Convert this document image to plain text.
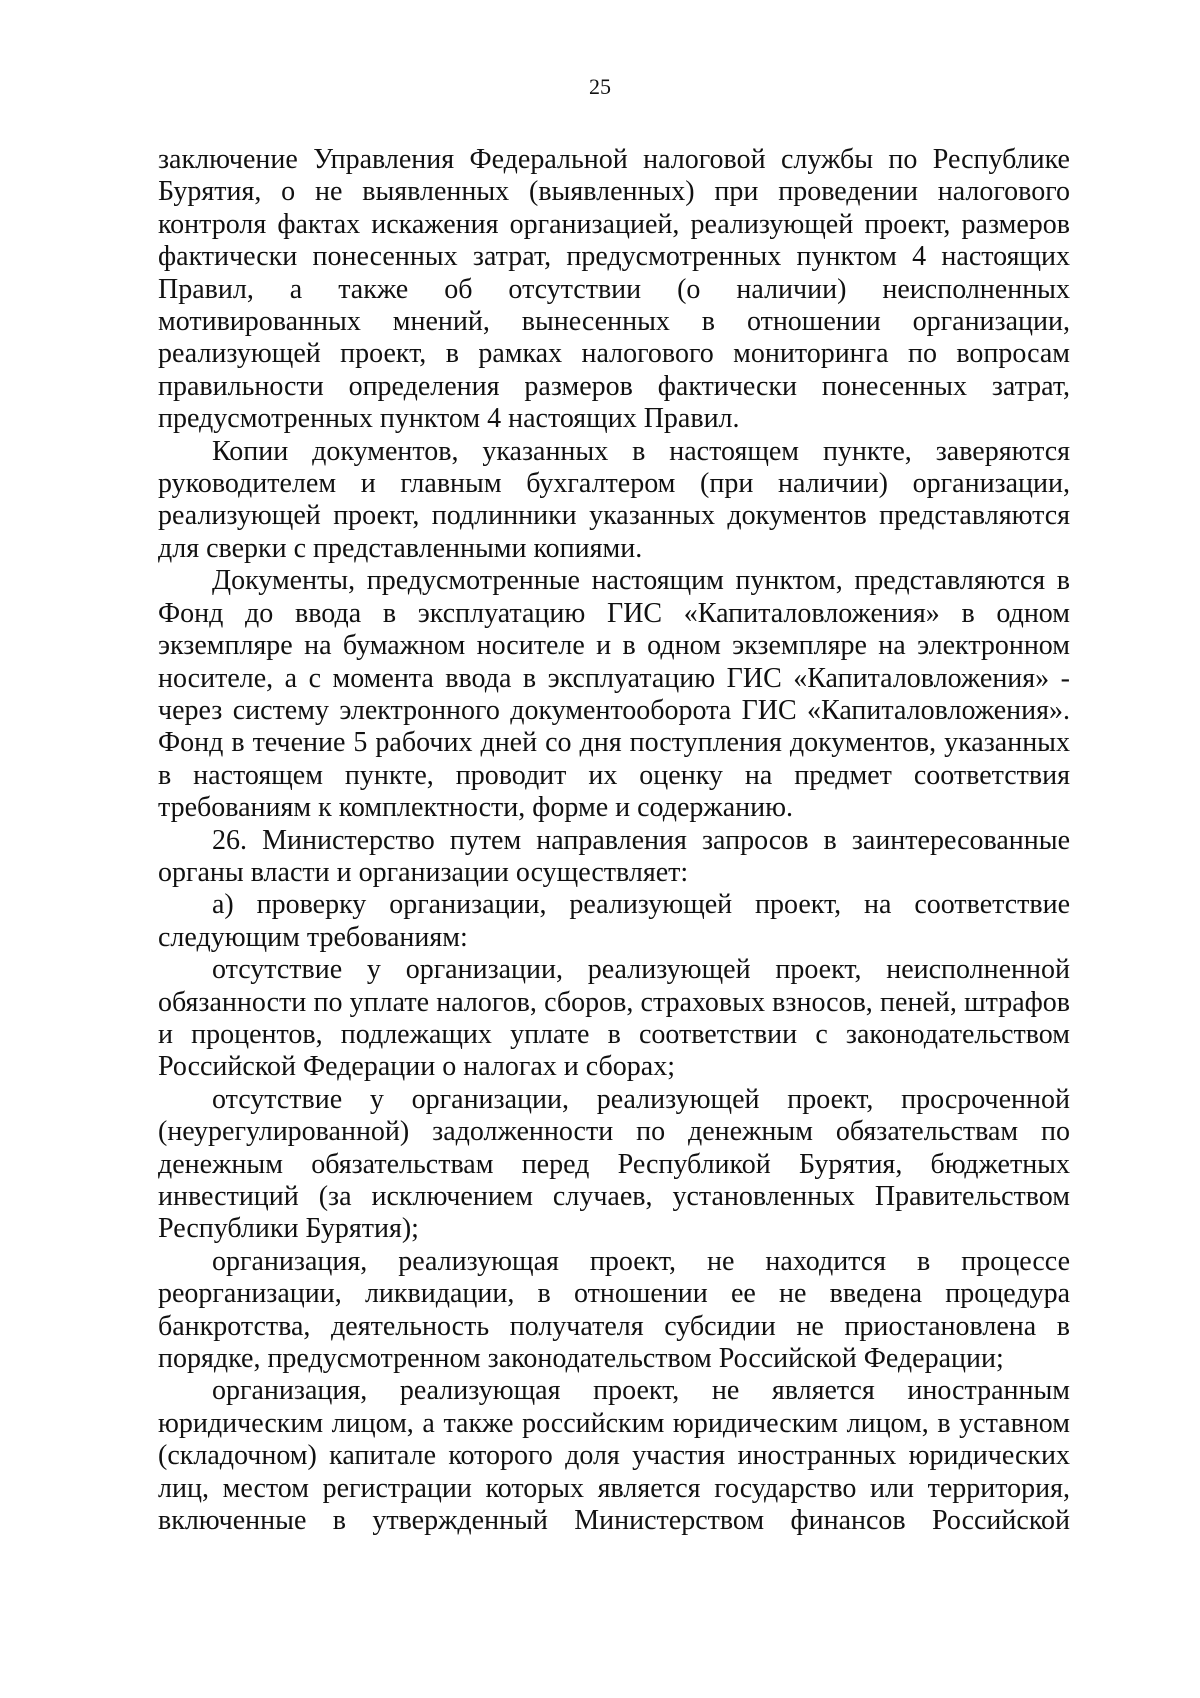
25

заключение Управления Федеральной налоговой службы по Республике Бурятия, о не выявленных (выявленных) при проведении налогового контроля фактах искажения организацией, реализующей проект, размеров фактически понесенных затрат, предусмотренных пунктом 4 настоящих Правил, а также об отсутствии (о наличии) неисполненных мотивированных мнений, вынесенных в отношении организации, реализующей проект, в рамках налогового мониторинга по вопросам правильности определения размеров фактически понесенных затрат, предусмотренных пунктом 4 настоящих Правил.

Копии документов, указанных в настоящем пункте, заверяются руководителем и главным бухгалтером (при наличии) организации, реализующей проект, подлинники указанных документов представляются для сверки с представленными копиями.

Документы, предусмотренные настоящим пунктом, представляются в Фонд до ввода в эксплуатацию ГИС «Капиталовложения» в одном экземпляре на бумажном носителе и в одном экземпляре на электронном носителе, а с момента ввода в эксплуатацию ГИС «Капиталовложения» - через систему электронного документооборота ГИС «Капиталовложения». Фонд в течение 5 рабочих дней со дня поступления документов, указанных в настоящем пункте, проводит их оценку на предмет соответствия требованиям к комплектности, форме и содержанию.

26. Министерство путем направления запросов в заинтересованные органы власти и организации осуществляет:

а) проверку организации, реализующей проект, на соответствие следующим требованиям:

отсутствие у организации, реализующей проект, неисполненной обязанности по уплате налогов, сборов, страховых взносов, пеней, штрафов и процентов, подлежащих уплате в соответствии с законодательством Российской Федерации о налогах и сборах;

отсутствие у организации, реализующей проект, просроченной (неурегулированной) задолженности по денежным обязательствам по денежным обязательствам перед Республикой Бурятия, бюджетных инвестиций (за исключением случаев, установленных Правительством Республики Бурятия);

организация, реализующая проект, не находится в процессе реорганизации, ликвидации, в отношении ее не введена процедура банкротства, деятельность получателя субсидии не приостановлена в порядке, предусмотренном законодательством Российской Федерации;

организация, реализующая проект, не является иностранным юридическим лицом, а также российским юридическим лицом, в уставном (складочном) капитале которого доля участия иностранных юридических лиц, местом регистрации которых является государство или территория, включенные в утвержденный Министерством финансов Российской
